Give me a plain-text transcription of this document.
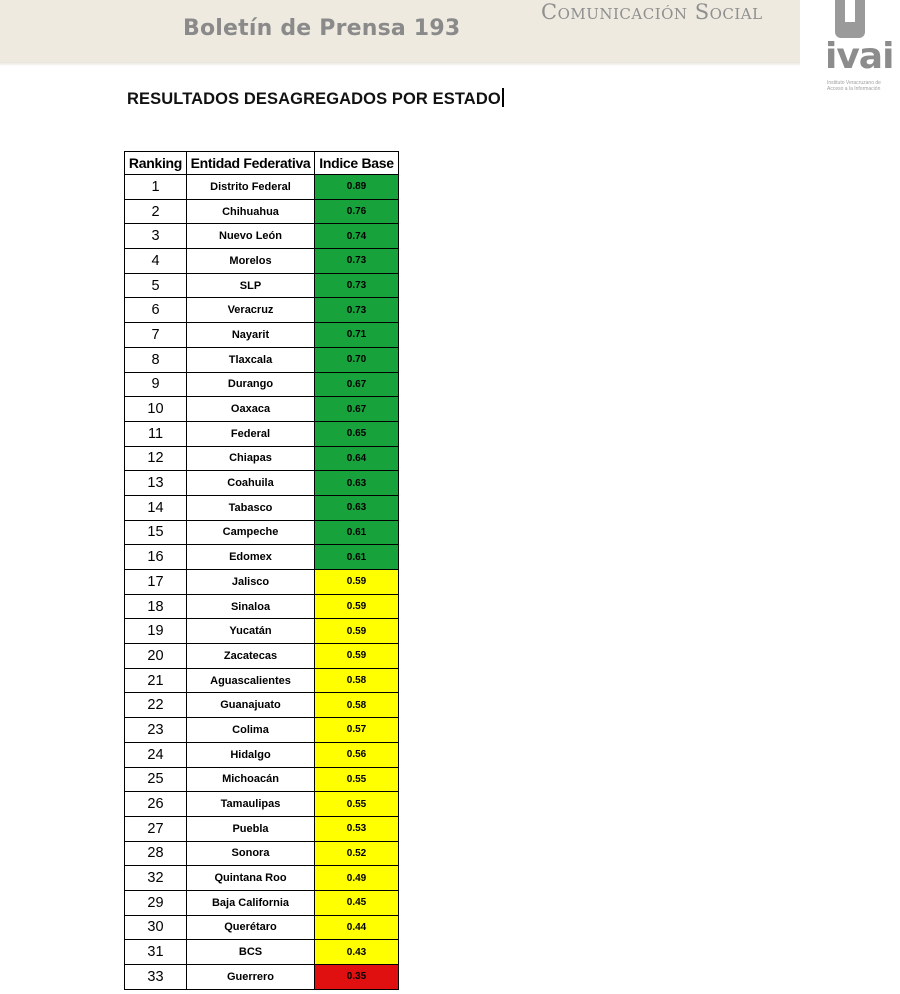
Boletín de Prensa 193
Comunicación Social
ivai
Instituto Veracruzano de Acceso a la Información
RESULTADOS DESAGREGADOS POR ESTADO
Ranking	Entidad Federativa	Indice Base
1	Distrito Federal	0.89
2	Chihuahua	0.76
3	Nuevo León	0.74
4	Morelos	0.73
5	SLP	0.73
6	Veracruz	0.73
7	Nayarit	0.71
8	Tlaxcala	0.70
9	Durango	0.67
10	Oaxaca	0.67
11	Federal	0.65
12	Chiapas	0.64
13	Coahuila	0.63
14	Tabasco	0.63
15	Campeche	0.61
16	Edomex	0.61
17	Jalisco	0.59
18	Sinaloa	0.59
19	Yucatán	0.59
20	Zacatecas	0.59
21	Aguascalientes	0.58
22	Guanajuato	0.58
23	Colima	0.57
24	Hidalgo	0.56
25	Michoacán	0.55
26	Tamaulipas	0.55
27	Puebla	0.53
28	Sonora	0.52
32	Quintana Roo	0.49
29	Baja California	0.45
30	Querétaro	0.44
31	BCS	0.43
33	Guerrero	0.35
